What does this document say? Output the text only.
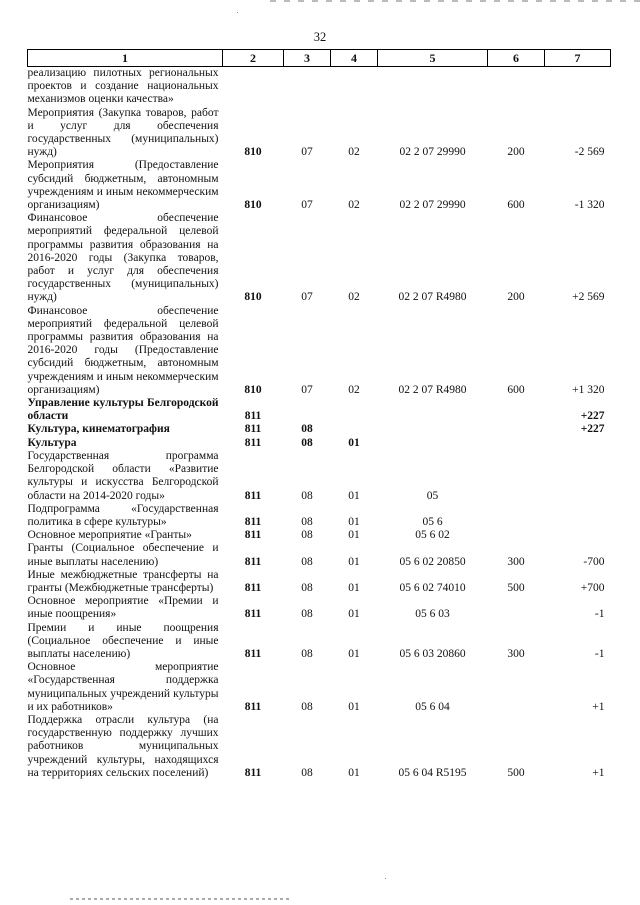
32
1	2	3	4	5	6	7
реализацию пилотных региональных проектов и создание национальных механизмов оценки качества»						
Мероприятия (Закупка товаров, работ и услуг для обеспечения государственных (муниципальных) нужд)	810	07	02	02 2 07 29990	200	-2 569
Мероприятия (Предоставление субсидий бюджетным, автономным учреждениям и иным некоммерческим организациям)	810	07	02	02 2 07 29990	600	-1 320
Финансовое обеспечение мероприятий федеральной целевой программы развития образования на 2016-2020 годы (Закупка товаров, работ и услуг для обеспечения государственных (муниципальных) нужд)	810	07	02	02 2 07 R4980	200	+2 569
Финансовое обеспечение мероприятий федеральной целевой программы развития образования на 2016-2020 годы (Предоставление субсидий бюджетным, автономным учреждениям и иным некоммерческим организациям)	810	07	02	02 2 07 R4980	600	+1 320
Управление культуры Белгородской области	811					+227
Культура, кинематография	811	08				+227
Культура	811	08	01			
Государственная программа Белгородской области «Развитие культуры и искусства Белгородской области на 2014-2020 годы»	811	08	01	05		
Подпрограмма «Государственная политика в сфере культуры»	811	08	01	05 6		
Основное мероприятие «Гранты»	811	08	01	05 6 02		
Гранты (Социальное обеспечение и иные выплаты населению)	811	08	01	05 6 02 20850	300	-700
Иные межбюджетные трансферты на гранты (Межбюджетные трансферты)	811	08	01	05 6 02 74010	500	+700
Основное мероприятие «Премии и иные поощрения»	811	08	01	05 6 03		-1
Премии и иные поощрения (Социальное обеспечение и иные выплаты населению)	811	08	01	05 6 03 20860	300	-1
Основное мероприятие «Государственная поддержка муниципальных учреждений культуры и их работников»	811	08	01	05 6 04		+1
Поддержка отрасли культура (на государственную поддержку лучших работников муниципальных учреждений культуры, находящихся на территориях сельских поселений)	811	08	01	05 6 04 R5195	500	+1
